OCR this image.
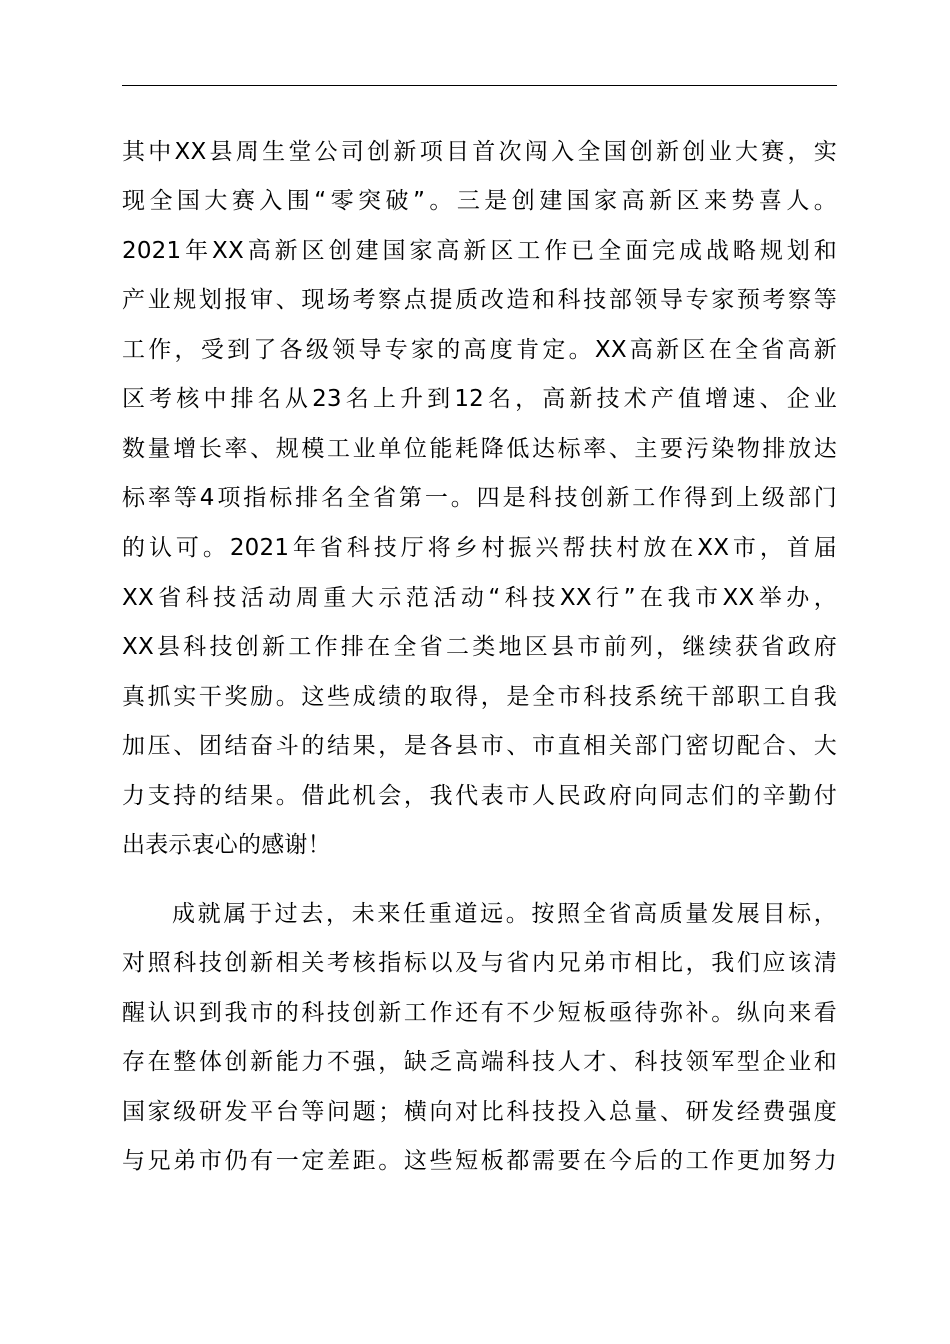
其中XX县周生堂公司创新项目首次闯入全国创新创业大赛，实
现全国大赛入围“零突破”。三是创建国家高新区来势喜人。
2021年XX高新区创建国家高新区工作已全面完成战略规划和
产业规划报审、现场考察点提质改造和科技部领导专家预考察等
工作，受到了各级领导专家的高度肯定。XX高新区在全省高新
区考核中排名从23名上升到12名，高新技术产值增速、企业
数量增长率、规模工业单位能耗降低达标率、主要污染物排放达
标率等4项指标排名全省第一。四是科技创新工作得到上级部门
的认可。2021年省科技厅将乡村振兴帮扶村放在XX市，首届
XX省科技活动周重大示范活动“科技XX行”在我市XX举办，
XX县科技创新工作排在全省二类地区县市前列，继续获省政府
真抓实干奖励。这些成绩的取得，是全市科技系统干部职工自我
加压、团结奋斗的结果，是各县市、市直相关部门密切配合、大
力支持的结果。借此机会，我代表市人民政府向同志们的辛勤付
出表示衷心的感谢！
成就属于过去，未来任重道远。按照全省高质量发展目标，
对照科技创新相关考核指标以及与省内兄弟市相比，我们应该清
醒认识到我市的科技创新工作还有不少短板亟待弥补。纵向来看
存在整体创新能力不强，缺乏高端科技人才、科技领军型企业和
国家级研发平台等问题；横向对比科技投入总量、研发经费强度
与兄弟市仍有一定差距。这些短板都需要在今后的工作更加努力
